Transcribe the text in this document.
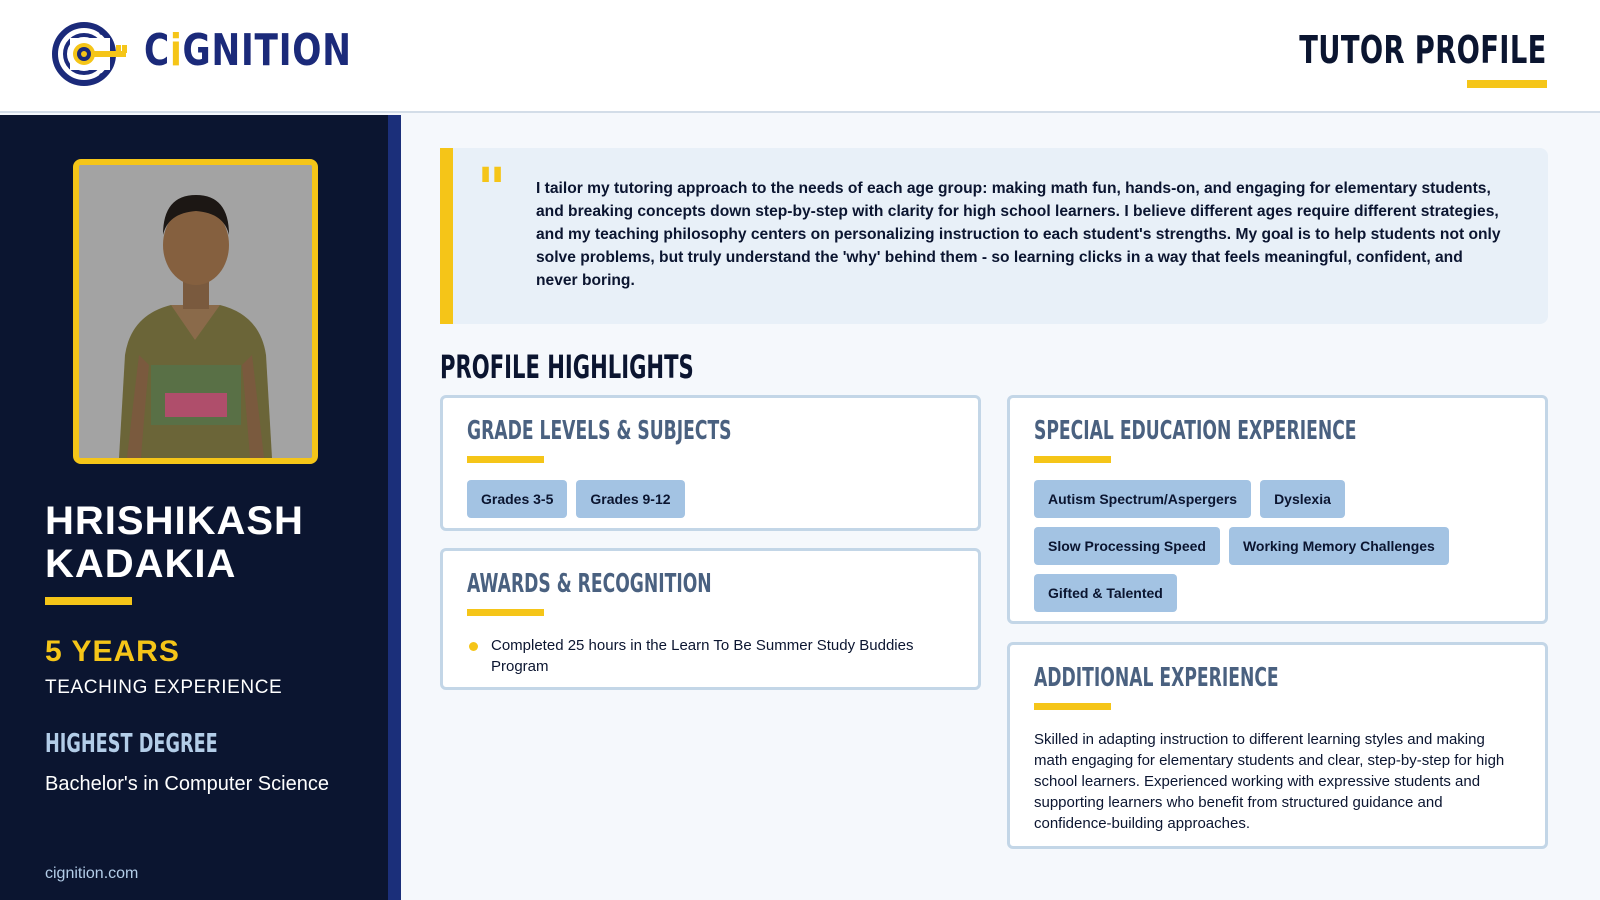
CiGNITION	TUTOR PROFILE
HRISHIKASH
KADAKIA
5 YEARS
TEACHING EXPERIENCE
HIGHEST DEGREE
Bachelor's in Computer Science
cignition.com
" I tailor my tutoring approach to the needs of each age group: making math fun, hands-on, and engaging for elementary students, and breaking concepts down step-by-step with clarity for high school learners. I believe different ages require different strategies, and my teaching philosophy centers on personalizing instruction to each student's strengths. My goal is to help students not only solve problems, but truly understand the 'why' behind them - so learning clicks in a way that feels meaningful, confident, and never boring.
PROFILE HIGHLIGHTS
GRADE LEVELS & SUBJECTS
Grades 3-5	Grades 9-12
AWARDS & RECOGNITION
Completed 25 hours in the Learn To Be Summer Study Buddies Program
SPECIAL EDUCATION EXPERIENCE
Autism Spectrum/Aspergers	Dyslexia
Slow Processing Speed	Working Memory Challenges
Gifted & Talented
ADDITIONAL EXPERIENCE
Skilled in adapting instruction to different learning styles and making math engaging for elementary students and clear, step-by-step for high school learners. Experienced working with expressive students and supporting learners who benefit from structured guidance and confidence-building approaches.
